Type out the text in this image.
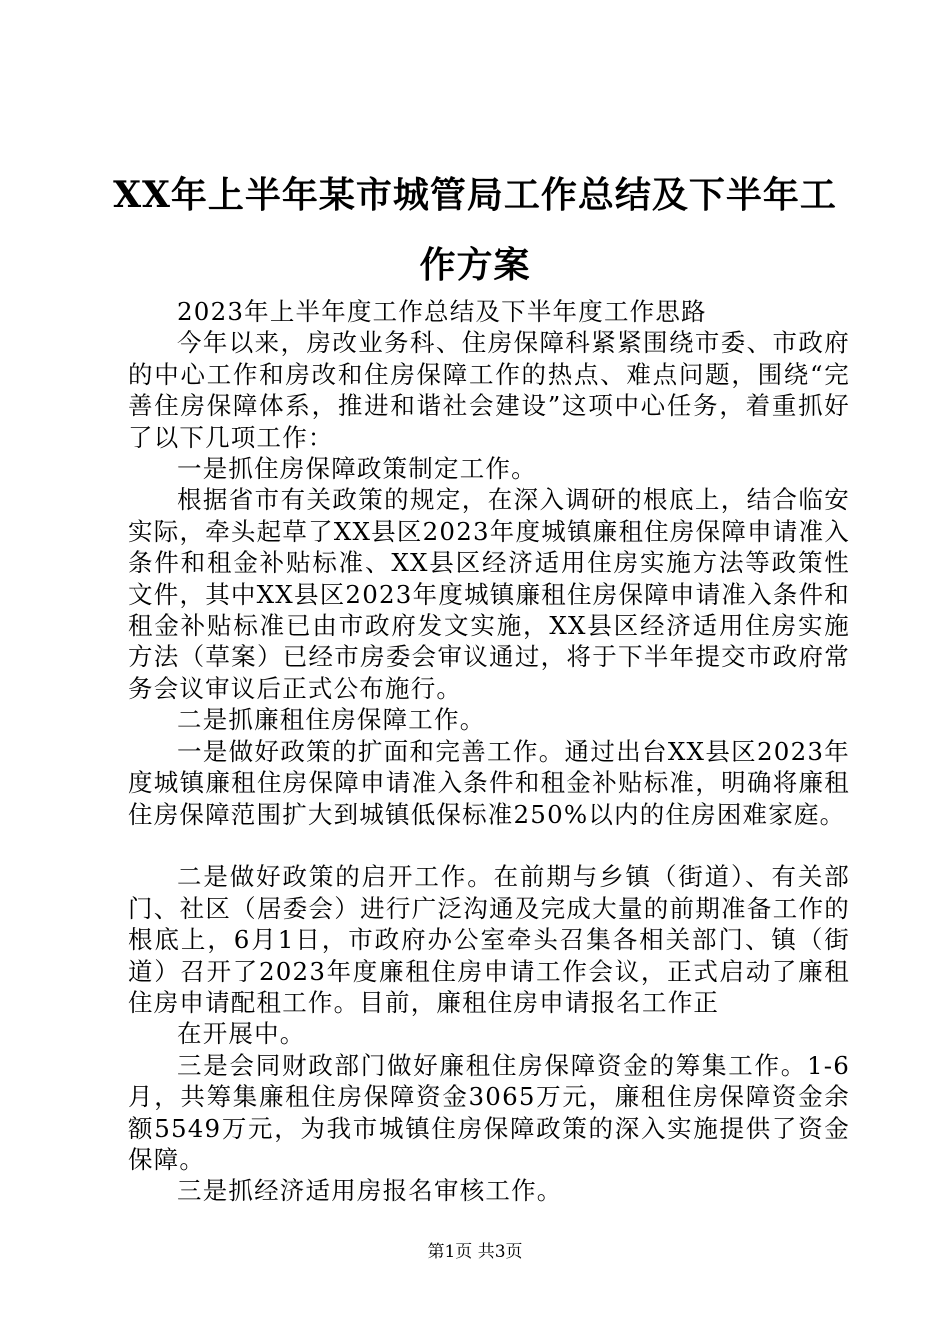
XX年上半年某市城管局工作总结及下半年工作方案

2023年上半年度工作总结及下半年度工作思路

今年以来，房改业务科、住房保障科紧紧围绕市委、市政府的中心工作和房改和住房保障工作的热点、难点问题，围绕“完善住房保障体系，推进和谐社会建设”这项中心任务，着重抓好了以下几项工作：

一是抓住房保障政策制定工作。

根据省市有关政策的规定，在深入调研的根底上，结合临安实际，牵头起草了XX县区2023年度城镇廉租住房保障申请准入条件和租金补贴标准、XX县区经济适用住房实施方法等政策性文件，其中XX县区2023年度城镇廉租住房保障申请准入条件和租金补贴标准已由市政府发文实施，XX县区经济适用住房实施方法（草案）已经市房委会审议通过，将于下半年提交市政府常务会议审议后正式公布施行。

二是抓廉租住房保障工作。

一是做好政策的扩面和完善工作。通过出台XX县区2023年度城镇廉租住房保障申请准入条件和租金补贴标准，明确将廉租住房保障范围扩大到城镇低保标准250%以内的住房困难家庭。

二是做好政策的启开工作。在前期与乡镇（街道）、有关部门、社区（居委会）进行广泛沟通及完成大量的前期准备工作的根底上，6月1日，市政府办公室牵头召集各相关部门、镇（街道）召开了2023年度廉租住房申请工作会议，正式启动了廉租住房申请配租工作。目前，廉租住房申请报名工作正

在开展中。

三是会同财政部门做好廉租住房保障资金的筹集工作。1-6月，共筹集廉租住房保障资金3065万元，廉租住房保障资金余额5549万元，为我市城镇住房保障政策的深入实施提供了资金保障。

三是抓经济适用房报名审核工作。

第1页 共3页
